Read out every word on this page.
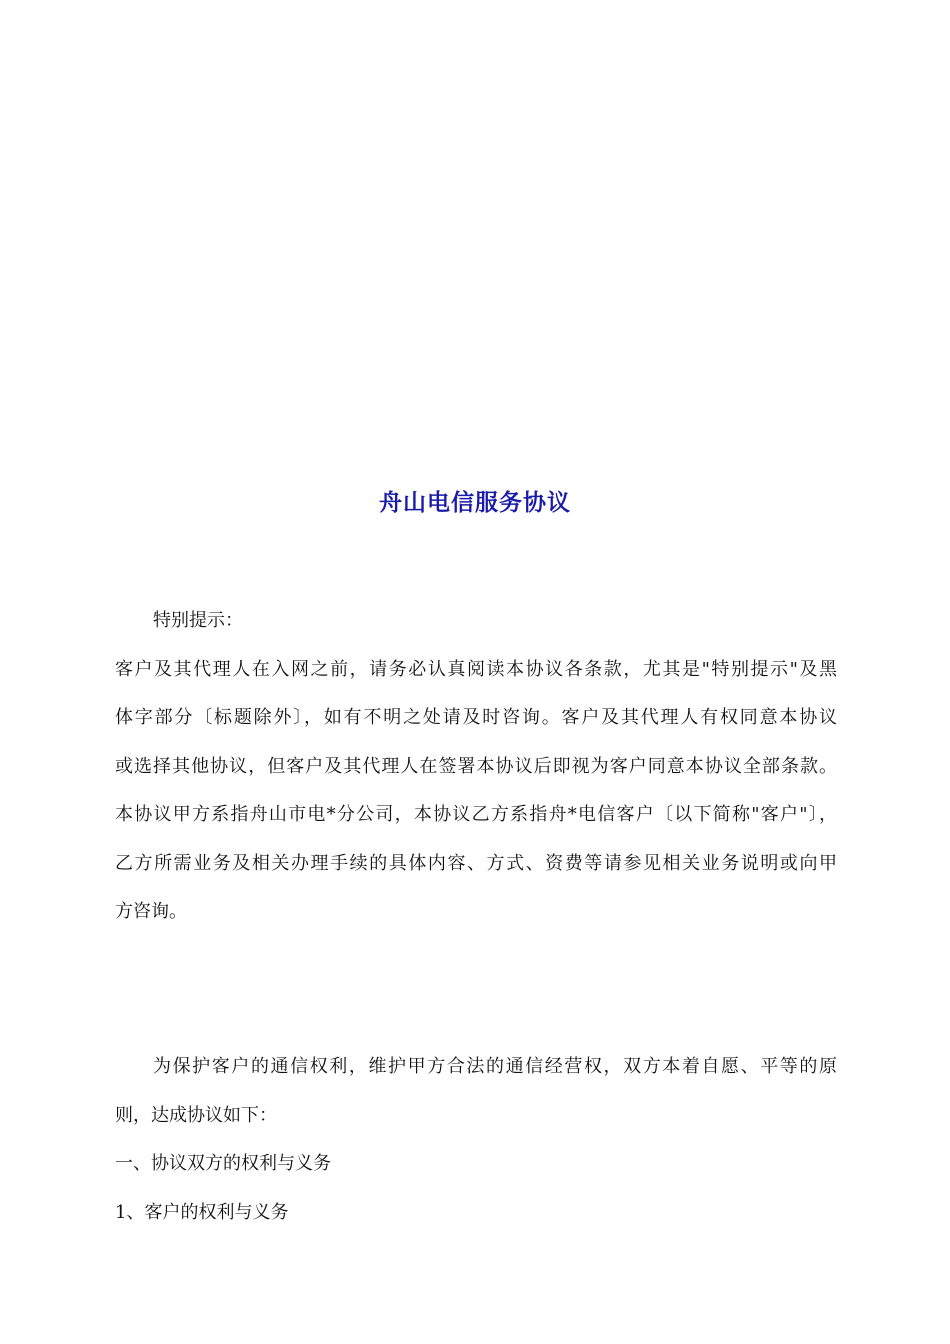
舟山电信服务协议
特别提示：
客户及其代理人在入网之前，请务必认真阅读本协议各条款，尤其是"特别提示"及黑
体字部分〔标题除外〕，如有不明之处请及时咨询。客户及其代理人有权同意本协议
或选择其他协议，但客户及其代理人在签署本协议后即视为客户同意本协议全部条款。
本协议甲方系指舟山市电*分公司，本协议乙方系指舟*电信客户〔以下简称"客户"〕，
乙方所需业务及相关办理手续的具体内容、方式、资费等请参见相关业务说明或向甲
方咨询。
为保护客户的通信权利，维护甲方合法的通信经营权，双方本着自愿、平等的原
则，达成协议如下：
一、协议双方的权利与义务
1、客户的权利与义务
